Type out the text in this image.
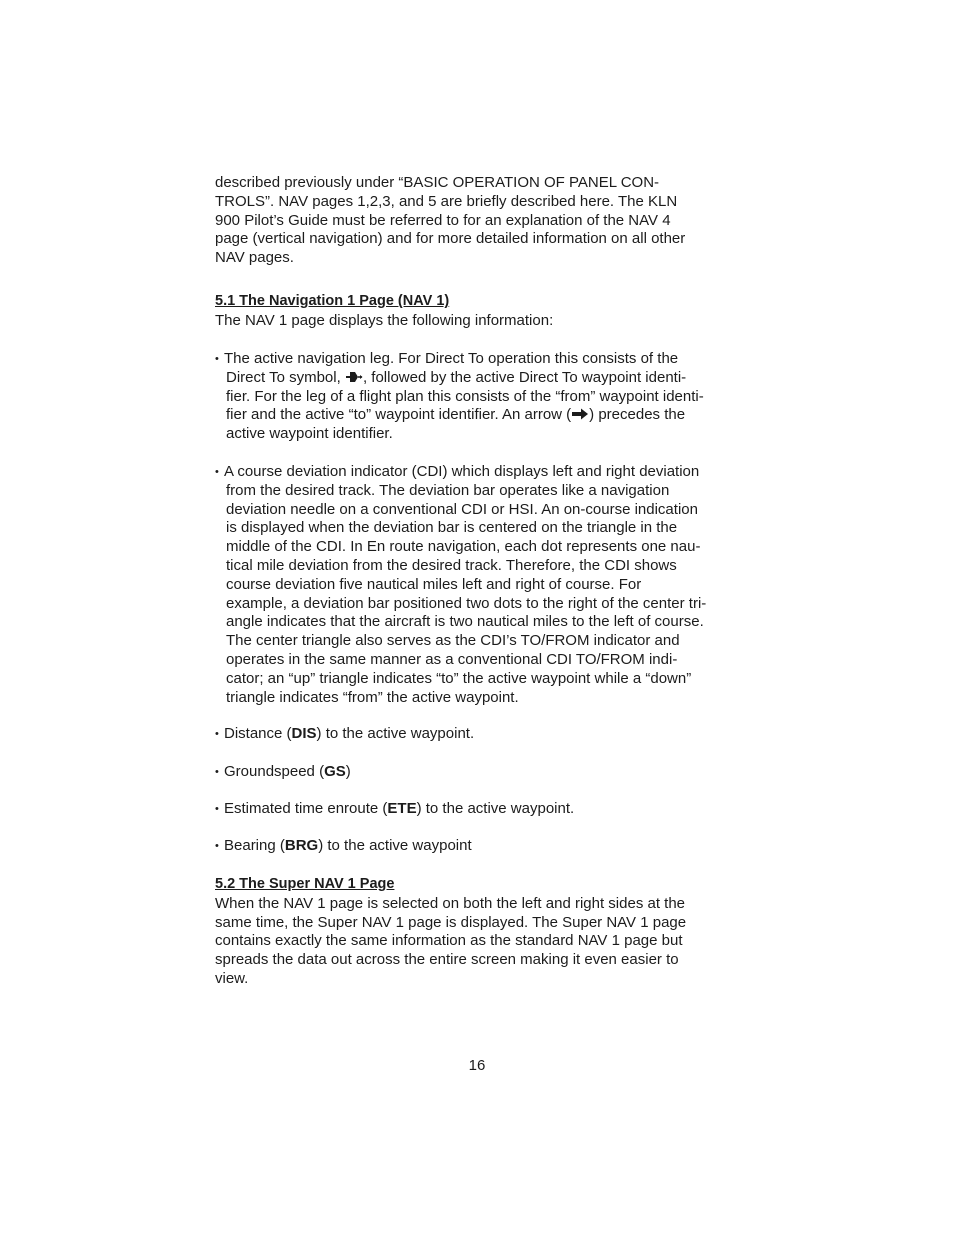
described previously under “BASIC OPERATION OF PANEL CON-
TROLS”. NAV pages 1,2,3, and 5 are briefly described here. The KLN
900 Pilot’s Guide must be referred to for an explanation of the NAV 4
page (vertical navigation) and for more detailed information on all other
NAV pages.
5.1 The Navigation 1 Page (NAV 1)
The NAV 1 page displays the following information:
• The active navigation leg. For Direct To operation this consists of the
Direct To symbol, , followed by the active Direct To waypoint identi-
fier. For the leg of a flight plan this consists of the “from” waypoint identi-
fier and the active “to” waypoint identifier. An arrow ( ) precedes the
active waypoint identifier.
• A course deviation indicator (CDI) which displays left and right deviation
from the desired track. The deviation bar operates like a navigation
deviation needle on a conventional CDI or HSI. An on-course indication
is displayed when the deviation bar is centered on the triangle in the
middle of the CDI. In En route navigation, each dot represents one nau-
tical mile deviation from the desired track. Therefore, the CDI shows
course deviation five nautical miles left and right of course. For
example, a deviation bar positioned two dots to the right of the center tri-
angle indicates that the aircraft is two nautical miles to the left of course.
The center triangle also serves as the CDI’s TO/FROM indicator and
operates in the same manner as a conventional CDI TO/FROM indi-
cator; an “up” triangle indicates “to” the active waypoint while a “down”
triangle indicates “from” the active waypoint.
• Distance (DIS) to the active waypoint.
• Groundspeed (GS)
• Estimated time enroute (ETE) to the active waypoint.
• Bearing (BRG) to the active waypoint
5.2 The Super NAV 1 Page
When the NAV 1 page is selected on both the left and right sides at the
same time, the Super NAV 1 page is displayed. The Super NAV 1 page
contains exactly the same information as the standard NAV 1 page but
spreads the data out across the entire screen making it even easier to
view.
16
